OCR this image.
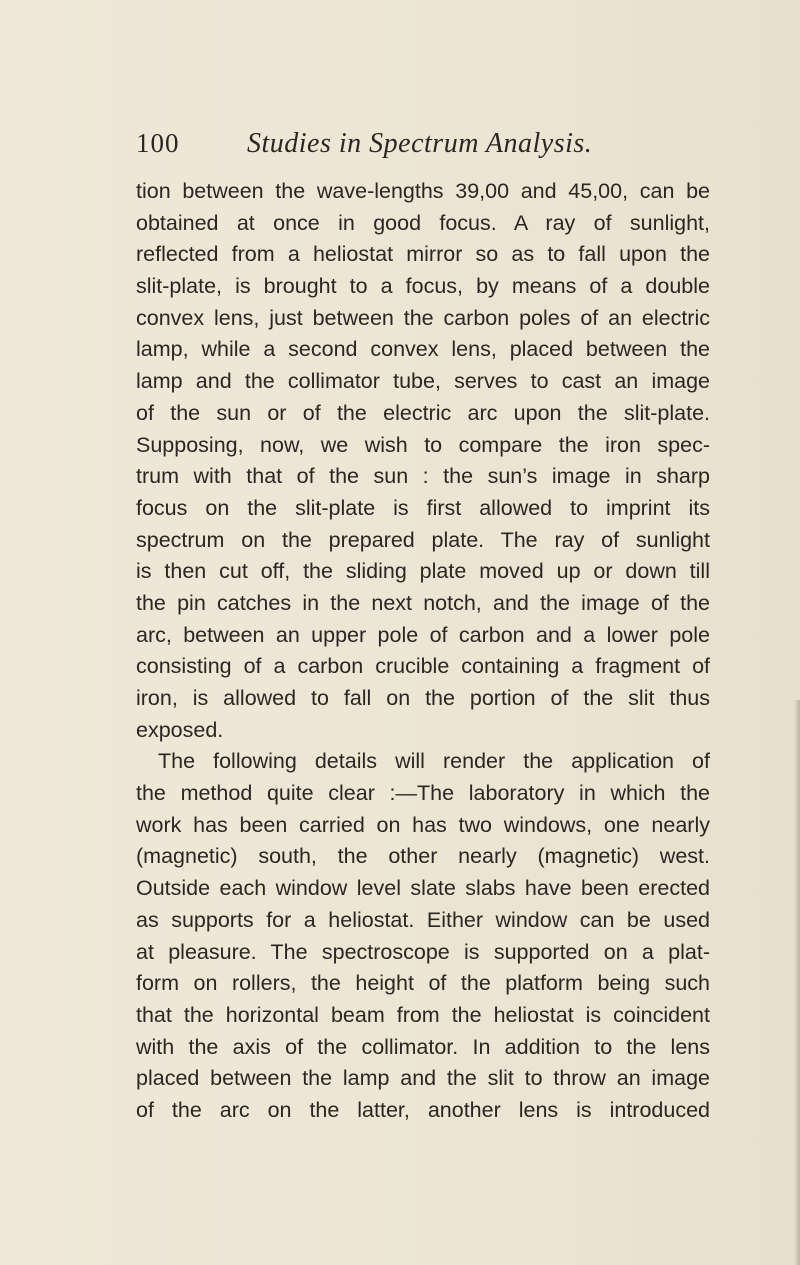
100 Studies in Spectrum Analysis.
tion between the wave-lengths 39,00 and 45,00, can be
obtained at once in good focus. A ray of sunlight,
reflected from a heliostat mirror so as to fall upon the
slit-plate, is brought to a focus, by means of a double
convex lens, just between the carbon poles of an electric
lamp, while a second convex lens, placed between the
lamp and the collimator tube, serves to cast an image
of the sun or of the electric arc upon the slit-plate.
Supposing, now, we wish to compare the iron spec-
trum with that of the sun : the sun’s image in sharp
focus on the slit-plate is first allowed to imprint its
spectrum on the prepared plate. The ray of sunlight
is then cut off, the sliding plate moved up or down till
the pin catches in the next notch, and the image of the
arc, between an upper pole of carbon and a lower pole
consisting of a carbon crucible containing a fragment of
iron, is allowed to fall on the portion of the slit thus
exposed.
The following details will render the application of
the method quite clear :—The laboratory in which the
work has been carried on has two windows, one nearly
(magnetic) south, the other nearly (magnetic) west.
Outside each window level slate slabs have been erected
as supports for a heliostat. Either window can be used
at pleasure. The spectroscope is supported on a plat-
form on rollers, the height of the platform being such
that the horizontal beam from the heliostat is coincident
with the axis of the collimator. In addition to the lens
placed between the lamp and the slit to throw an image
of the arc on the latter, another lens is introduced
